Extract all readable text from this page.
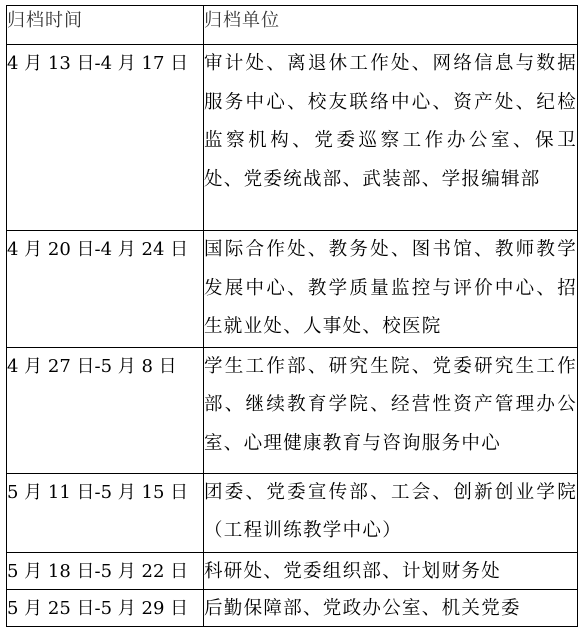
归档时间	归档单位
4 月 13 日-4 月 17 日	审计处、离退休工作处、网络信息与数据服务中心、校友联络中心、资产处、纪检监察机构、党委巡察工作办公室、保卫处、党委统战部、武装部、学报编辑部
4 月 20 日-4 月 24 日	国际合作处、教务处、图书馆、教师教学发展中心、教学质量监控与评价中心、招生就业处、人事处、校医院
4 月 27 日-5 月 8 日	学生工作部、研究生院、党委研究生工作部、继续教育学院、经营性资产管理办公室、心理健康教育与咨询服务中心
5 月 11 日-5 月 15 日	团委、党委宣传部、工会、创新创业学院（工程训练教学中心）
5 月 18 日-5 月 22 日	科研处、党委组织部、计划财务处
5 月 25 日-5 月 29 日	后勤保障部、党政办公室、机关党委
